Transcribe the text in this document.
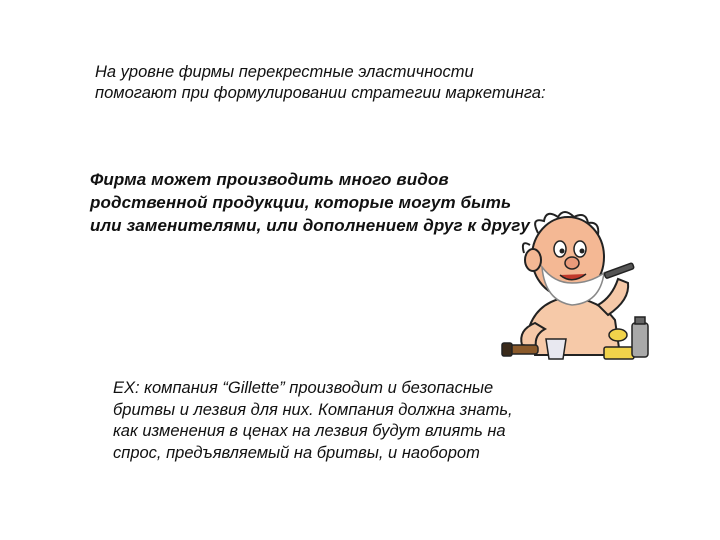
На уровне фирмы перекрестные эластичности
помогают при формулировании стратегии маркетинга:
Фирма может производить много видов
родственной продукции, которые могут быть
или заменителями, или дополнением друг к другу
EX: компания “Gillette” производит и безопасные
бритвы и лезвия для них. Компания должна знать,
как изменения в ценах на лезвия будут влиять на
спрос, предъявляемый на бритвы, и наоборот
